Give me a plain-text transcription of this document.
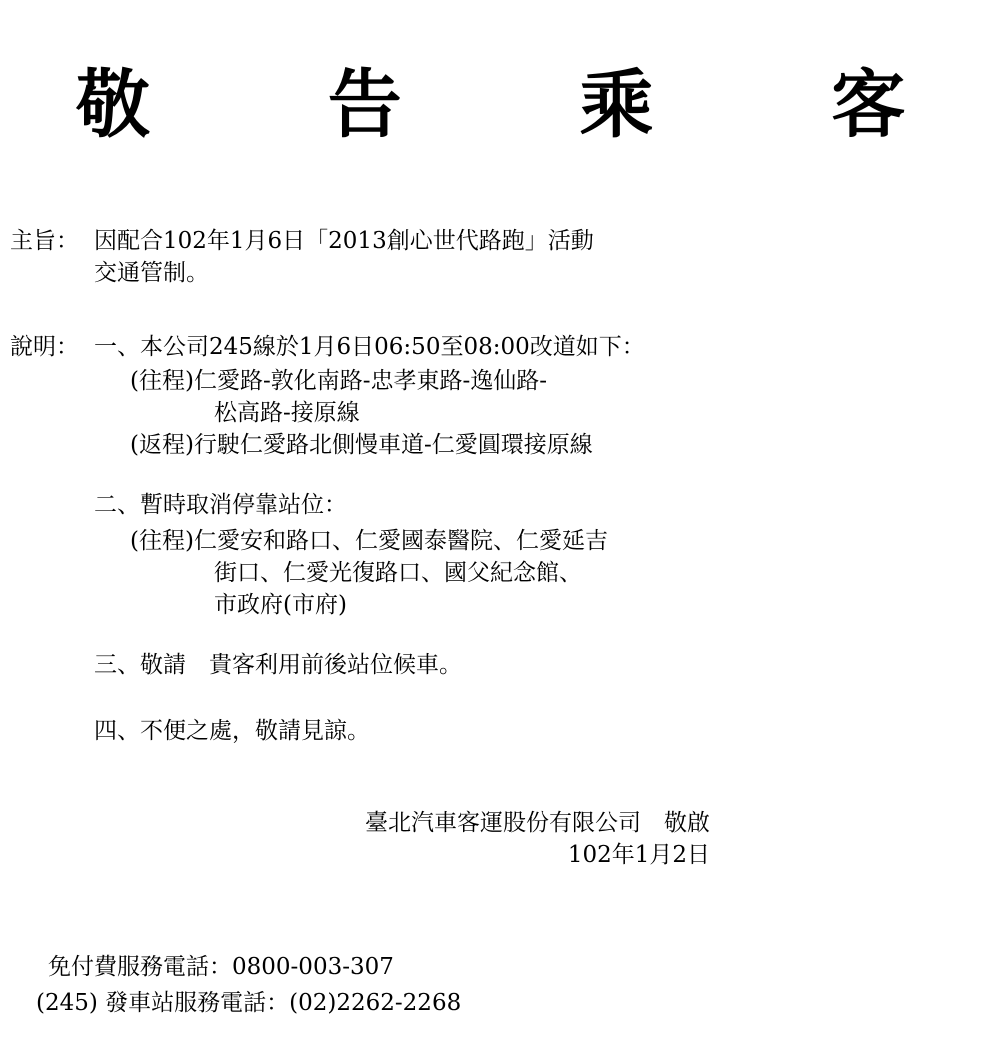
敬 告 乘 客
主旨： 因配合102年1月6日「2013創心世代路跑」活動
交通管制。
說明： 一、本公司245線於1月6日06:50至08:00改道如下：
(往程)仁愛路-敦化南路-忠孝東路-逸仙路-
松高路-接原線
(返程)行駛仁愛路北側慢車道-仁愛圓環接原線
二、暫時取消停靠站位：
(往程)仁愛安和路口、仁愛國泰醫院、仁愛延吉
街口、仁愛光復路口、國父紀念館、
市政府(市府)
三、敬請　貴客利用前後站位候車。
四、不便之處，敬請見諒。
臺北汽車客運股份有限公司　敬啟
102年1月2日
免付費服務電話：0800-003-307
(245) 發車站服務電話：(02)2262-2268
